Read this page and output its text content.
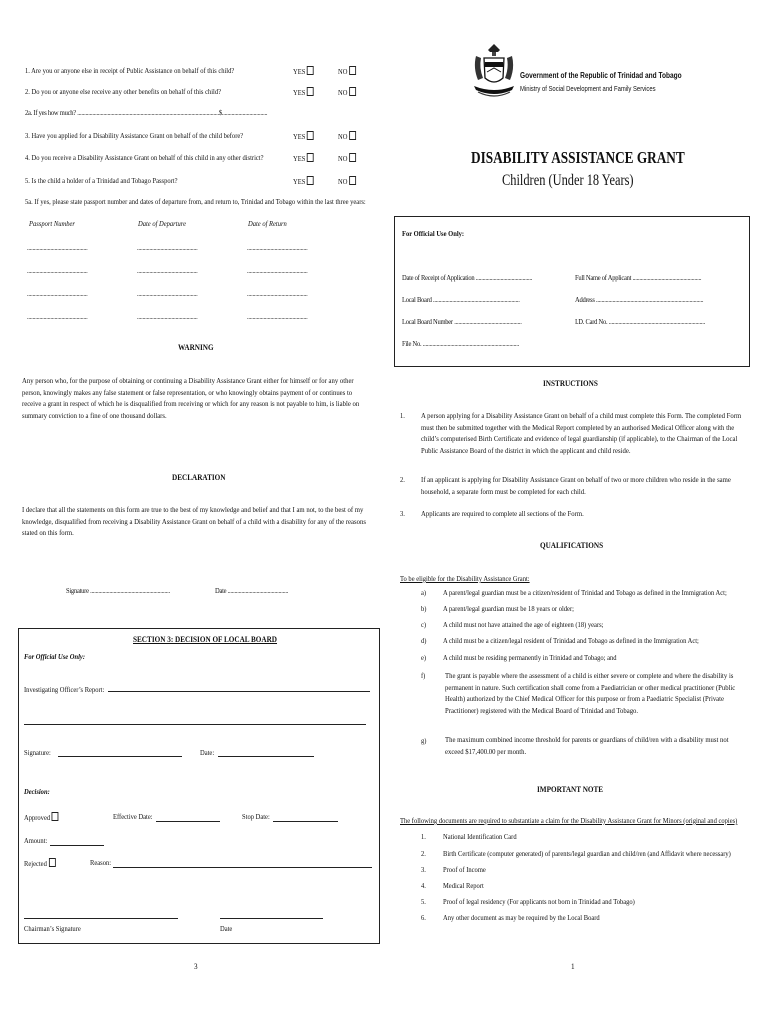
1. Are you or anyone else in receipt of Public Assistance on behalf of this child?	YES	NO
2. Do you or anyone else receive any other benefits on behalf of this child?	YES	NO
2a. If yes how much? .......................................................................................................$.................................
3. Have you applied for a Disability Assistance Grant on behalf of the child before?	YES	NO
4. Do you receive a Disability Assistance Grant on behalf of this child in any other district?	YES	NO
5. Is the child a holder of a Trinidad and Tobago Passport?	YES	NO
5a. If yes, please state passport number and dates of departure from, and return to, Trinidad and Tobago within the last three years:
Passport Number	Date of Departure	Date of Return
............................................	............................................	............................................
............................................	............................................	............................................
............................................	............................................	............................................
............................................	............................................	............................................
WARNING
Any person who, for the purpose of obtaining or continuing a Disability Assistance Grant either for himself or for any other person, knowingly makes any false statement or false representation, or who knowingly obtains payment of or continues to receive a grant in respect of which he is disqualified from receiving or which for any reason is not payable to him, is liable on summary conviction to a fine of one thousand dollars.
DECLARATION
I declare that all the statements on this form are true to the best of my knowledge and belief and that I am not, to the best of my knowledge, disqualified from receiving a Disability Assistance Grant on behalf of a child with a disability for any of the reasons stated on this form.
Signature ..........................................................	Date ............................................
SECTION 3: DECISION OF LOCAL BOARD
For Official Use Only:
Investigating Officer’s Report:
Signature:	Date:
Decision:
Approved	Effective Date:	Stop Date:
Amount:
Rejected	Reason:
Chairman’s Signature	Date
3
Government of the Republic of Trinidad and Tobago
Ministry of Social Development and Family Services
DISABILITY ASSISTANCE GRANT
Children (Under 18 Years)
For Official Use Only:
Date of Receipt of Application .........................................	Full Name of Applicant ..................................................
Local Board ...............................................................	Address ..............................................................................
Local Board Number .................................................	I.D. Card No. ......................................................................
File No. ......................................................................
INSTRUCTIONS
1. A person applying for a Disability Assistance Grant on behalf of a child must complete this Form. The completed Form must then be submitted together with the Medical Report completed by an authorised Medical Officer along with the child’s computerised Birth Certificate and evidence of legal guardianship (if applicable), to the Chairman of the Local Public Assistance Board of the district in which the applicant and child reside.
2. If an applicant is applying for Disability Assistance Grant on behalf of two or more children who reside in the same household, a separate form must be completed for each child.
3. Applicants are required to complete all sections of the Form.
QUALIFICATIONS
To be eligible for the Disability Assistance Grant:
a) A parent/legal guardian must be a citizen/resident of Trinidad and Tobago as defined in the Immigration Act;
b) A parent/legal guardian must be 18 years or older;
c) A child must not have attained the age of eighteen (18) years;
d) A child must be a citizen/legal resident of Trinidad and Tobago as defined in the Immigration Act;
e) A child must be residing permanently in Trinidad and Tobago; and
f)	The grant is payable where the assessment of a child is either severe or complete and where the disability is permanent in nature. Such certification shall come from a Paediatrician or other medical practitioner (Public Health) authorized by the Chief Medical Officer for this purpose or from a Paediatric Specialist (Private Practitioner) registered with the Medical Board of Trinidad and Tobago.
g) The maximum combined income threshold for parents or guardians of child/ren with a disability must not exceed $17,400.00 per month.
IMPORTANT NOTE
The following documents are required to substantiate a claim for the Disability Assistance Grant for Minors (original and copies)
1. National Identification Card
2. Birth Certificate (computer generated) of parents/legal guardian and child/ren (and Affidavit where necessary)
3. Proof of Income
4. Medical Report
5. Proof of legal residency (For applicants not born in Trinidad and Tobago)
6. Any other document as may be required by the Local Board
1
